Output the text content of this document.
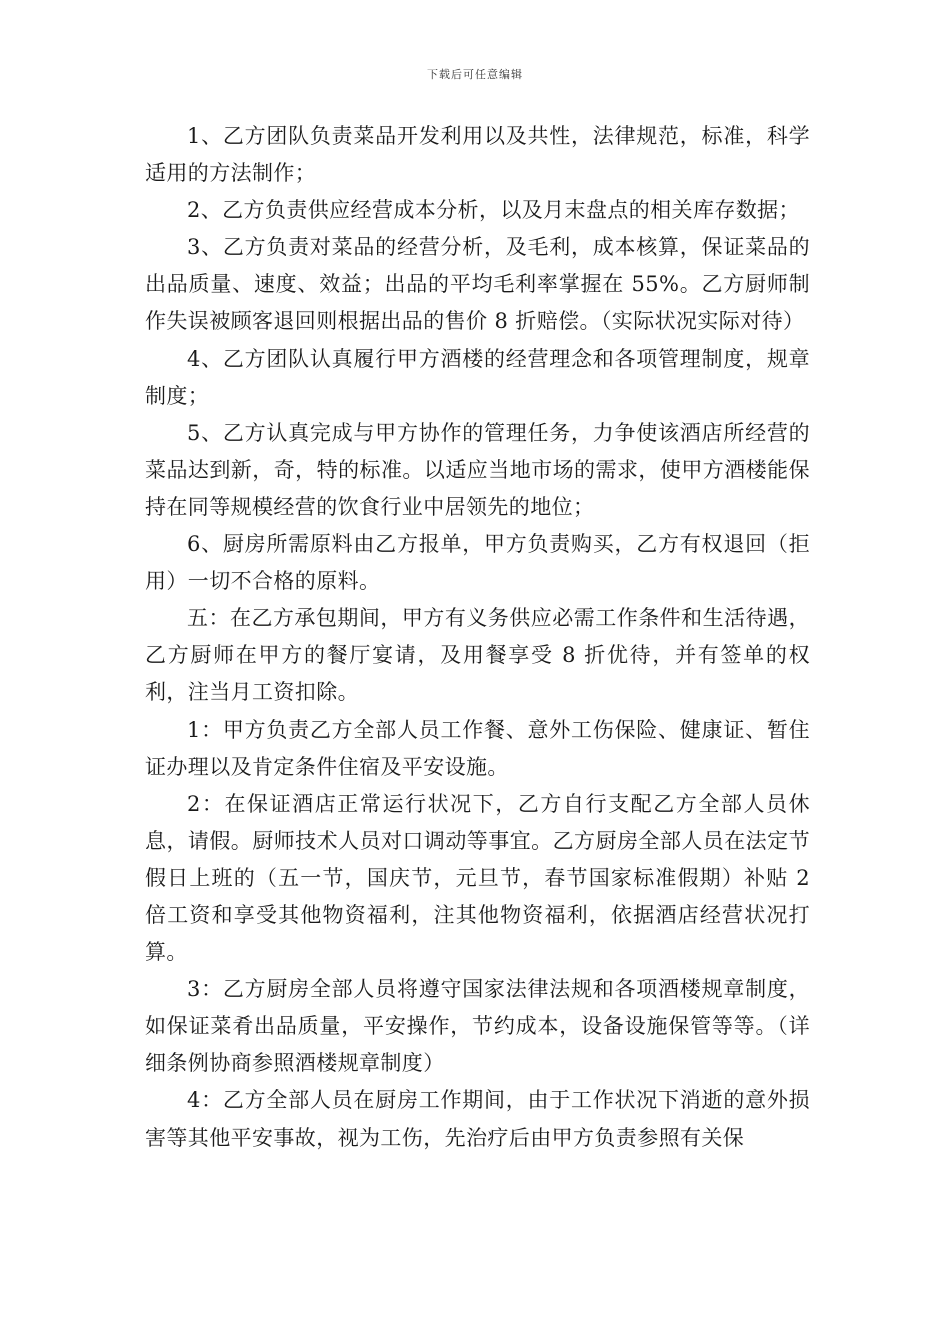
下载后可任意编辑

1、乙方团队负责菜品开发利用以及共性，法律规范，标准，科学适用的方法制作；

2、乙方负责供应经营成本分析，以及月末盘点的相关库存数据；

3、乙方负责对菜品的经营分析，及毛利，成本核算，保证菜品的出品质量、速度、效益；出品的平均毛利率掌握在 55%。乙方厨师制作失误被顾客退回则根据出品的售价 8 折赔偿。（实际状况实际对待）

4、乙方团队认真履行甲方酒楼的经营理念和各项管理制度，规章制度；

5、乙方认真完成与甲方协作的管理任务，力争使该酒店所经营的菜品达到新，奇，特的标准。以适应当地市场的需求，使甲方酒楼能保持在同等规模经营的饮食行业中居领先的地位；

6、厨房所需原料由乙方报单，甲方负责购买，乙方有权退回（拒用）一切不合格的原料。

五：在乙方承包期间，甲方有义务供应必需工作条件和生活待遇，乙方厨师在甲方的餐厅宴请，及用餐享受 8 折优待，并有签单的权利，注当月工资扣除。

1：甲方负责乙方全部人员工作餐、意外工伤保险、健康证、暂住证办理以及肯定条件住宿及平安设施。

2：在保证酒店正常运行状况下，乙方自行支配乙方全部人员休息，请假。厨师技术人员对口调动等事宜。乙方厨房全部人员在法定节假日上班的（五一节，国庆节，元旦节，春节国家标准假期）补贴 2 倍工资和享受其他物资福利，注其他物资福利，依据酒店经营状况打算。

3：乙方厨房全部人员将遵守国家法律法规和各项酒楼规章制度，如保证菜肴出品质量，平安操作，节约成本，设备设施保管等等。（详细条例协商参照酒楼规章制度）

4：乙方全部人员在厨房工作期间，由于工作状况下消逝的意外损害等其他平安事故，视为工伤，先治疗后由甲方负责参照有关保
